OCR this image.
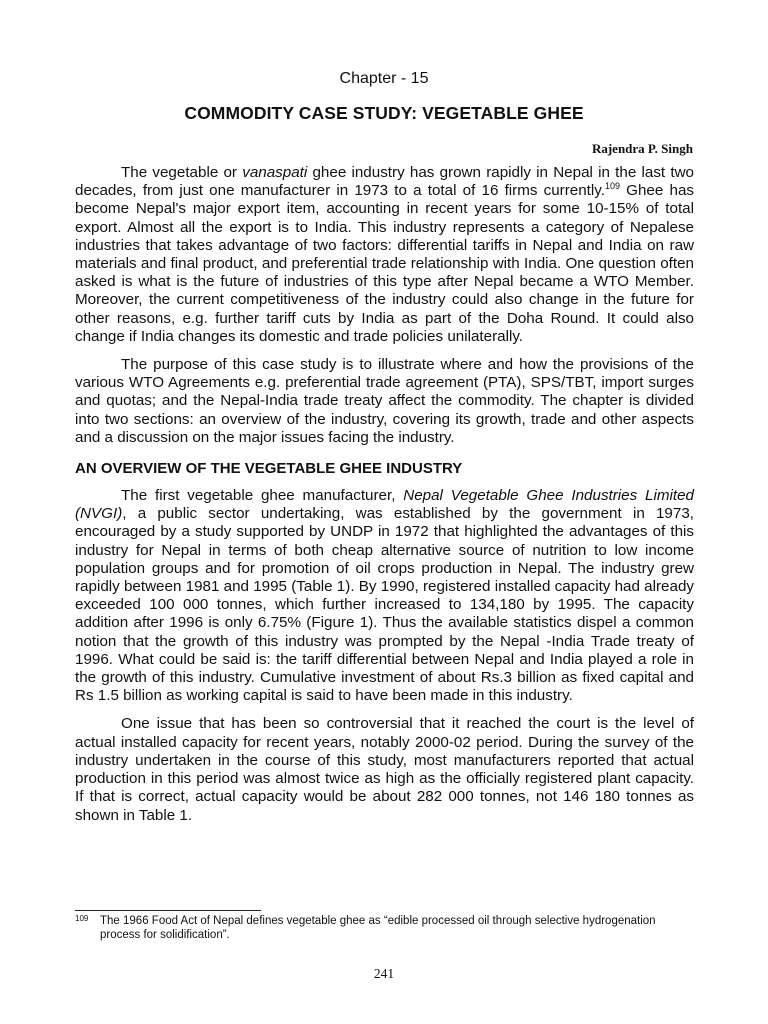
Chapter - 15
COMMODITY CASE STUDY: VEGETABLE GHEE
Rajendra P. Singh

The vegetable or vanaspati ghee industry has grown rapidly in Nepal in the last two decades, from just one manufacturer in 1973 to a total of 16 firms currently.$^{109}$ Ghee has become Nepal's major export item, accounting in recent years for some 10-15% of total export. Almost all the export is to India. This industry represents a category of Nepalese industries that takes advantage of two factors: differential tariffs in Nepal and India on raw materials and final product, and preferential trade relationship with India. One question often asked is what is the future of industries of this type after Nepal became a WTO Member. Moreover, the current competitiveness of the industry could also change in the future for other reasons, e.g. further tariff cuts by India as part of the Doha Round. It could also change if India changes its domestic and trade policies unilaterally.

The purpose of this case study is to illustrate where and how the provisions of the various WTO Agreements e.g. preferential trade agreement (PTA), SPS/TBT, import surges and quotas; and the Nepal-India trade treaty affect the commodity. The chapter is divided into two sections: an overview of the industry, covering its growth, trade and other aspects and a discussion on the major issues facing the industry.

AN OVERVIEW OF THE VEGETABLE GHEE INDUSTRY

The first vegetable ghee manufacturer, Nepal Vegetable Ghee Industries Limited (NVGI), a public sector undertaking, was established by the government in 1973, encouraged by a study supported by UNDP in 1972 that highlighted the advantages of this industry for Nepal in terms of both cheap alternative source of nutrition to low income population groups and for promotion of oil crops production in Nepal. The industry grew rapidly between 1981 and 1995 (Table 1). By 1990, registered installed capacity had already exceeded 100 000 tonnes, which further increased to 134,180 by 1995. The capacity addition after 1996 is only 6.75% (Figure 1). Thus the available statistics dispel a common notion that the growth of this industry was prompted by the Nepal -India Trade treaty of 1996. What could be said is: the tariff differential between Nepal and India played a role in the growth of this industry. Cumulative investment of about Rs.3 billion as fixed capital and Rs 1.5 billion as working capital is said to have been made in this industry.

One issue that has been so controversial that it reached the court is the level of actual installed capacity for recent years, notably 2000-02 period. During the survey of the industry undertaken in the course of this study, most manufacturers reported that actual production in this period was almost twice as high as the officially registered plant capacity. If that is correct, actual capacity would be about 282 000 tonnes, not 146 180 tonnes as shown in Table 1.

109 The 1966 Food Act of Nepal defines vegetable ghee as “edible processed oil through selective hydrogenation process for solidification”.
241
